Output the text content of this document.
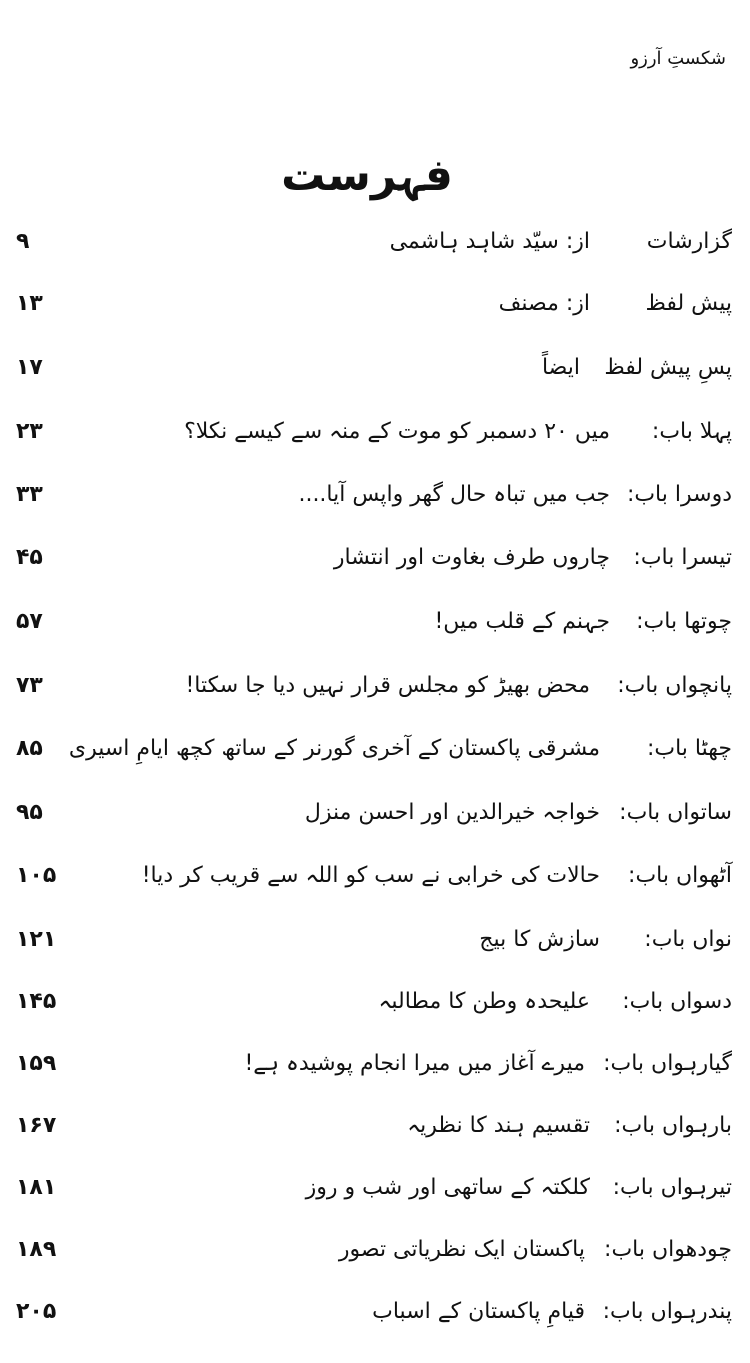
شکستِ آرزو
فہرست
گزارشات
از: سیّد شاہد ہاشمی
۹
پیش لفظ
از: مصنف
۱۳
پسِ پیش لفظ
ایضاً
۱۷
پہلا باب:
میں ۲۰ دسمبر کو موت کے منہ سے کیسے نکلا؟
۲۳
دوسرا باب:
جب میں تباہ حال گھر واپس آیا....
۳۳
تیسرا باب:
چاروں طرف بغاوت اور انتشار
۴۵
چوتھا باب:
جہنم کے قلب میں!
۵۷
پانچواں باب:
محض بھیڑ کو مجلس قرار نہیں دیا جا سکتا!
۷۳
چھٹا باب:
مشرقی پاکستان کے آخری گورنر کے ساتھ کچھ ایامِ اسیری
۸۵
ساتواں باب:
خواجہ خیرالدین اور احسن منزل
۹۵
آٹھواں باب:
حالات کی خرابی نے سب کو اللہ سے قریب کر دیا!
۱۰۵
نواں باب:
سازش کا بیج
۱۲۱
دسواں باب:
علیحدہ وطن کا مطالبہ
۱۴۵
گیارہواں باب:
میرے آغاز میں میرا انجام پوشیدہ ہے!
۱۵۹
بارہواں باب:
تقسیم ہند کا نظریہ
۱۶۷
تیرہواں باب:
کلکتہ کے ساتھی اور شب و روز
۱۸۱
چودھواں باب:
پاکستان ایک نظریاتی تصور
۱۸۹
پندرہواں باب:
قیامِ پاکستان کے اسباب
۲۰۵
